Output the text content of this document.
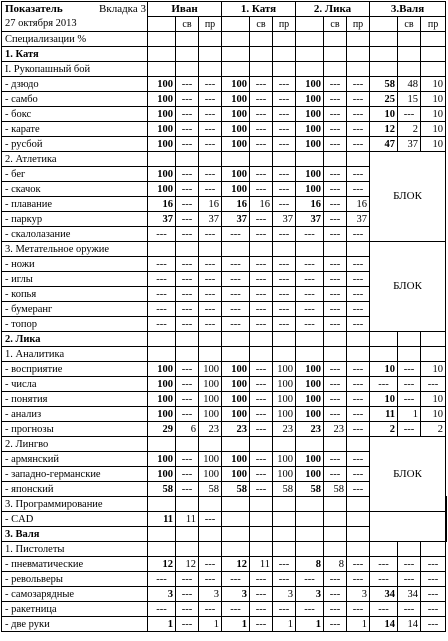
Показатель Вкладка 3

27 октября 2013	Иван			1. Катя			2. Лика			3.Валя			
		св	пр		св	пр		св	пр		св	пр	
Специализации %													
1. Катя													
I. Рукопашный бой													
- дзюдо	100	---	---	100	---	---	100	---	---	58	48	10	
- самбо	100	---	---	100	---	---	100	---	---	25	15	10	
- бокс	100	---	---	100	---	---	100	---	---	10	---	10	
- карате	100	---	---	100	---	---	100	---	---	12	2	10	
- русбой	100	---	---	100	---	---	100	---	---	47	37	10	
2. Атлетика										БЛОК			
- бег	100	---	---	100	---	---	100	---	---				
- скачок	100	---	---	100	---	---	100	---	---				
- плавание	16	---	16	16	16	---	16	---	16				
- паркур	37	---	37	37	---	37	37	---	37				
- скалолазание	---	---	---	---	---	---	---	---	---				
3. Метательное оружие										БЛОК			
- ножи	---	---	---	---	---	---	---	---	---				
- иглы	---	---	---	---	---	---	---	---	---				
- копья	---	---	---	---	---	---	---	---	---				
- бумеранг	---	---	---	---	---	---	---	---	---				
- топор	---	---	---	---	---	---	---	---	---				
2. Лика													
1. Аналитика													
- восприятие	100	---	100	100	---	100	100	---	---	10	---	10	
- числа	100	---	100	100	---	100	100	---	---	---	---	---	
- понятия	100	---	100	100	---	100	100	---	---	10	---	10	
- анализ	100	---	100	100	---	100	100	---	---	11	1	10	
- прогнозы	29	6	23	23	---	23	23	23	---	2	---	2	
2. Лингво										БЛОК			
- армянский	100	---	100	100	---	100	100	---	---				
- западно-германские	100	---	100	100	---	100	100	---	---				
- японский	58	---	58	58	---	58	58	58	---				
3. Программирование										
- CAD	11	11	---										
3. Валя													
1. Пистолеты													
- пневматические	12	12	---	12	11	---	8	8	---	---	---	---	
- револьверы	---	---	---	---	---	---	---	---	---	---	---	---	
- самозарядные	3	---	3	3	---	3	3	---	3	34	34	---	
- ракетница	---	---	---	---	---	---	---	---	---	---	---	---	
- две руки	1	---	1	1	---	1	1	---	1	14	14	---	
